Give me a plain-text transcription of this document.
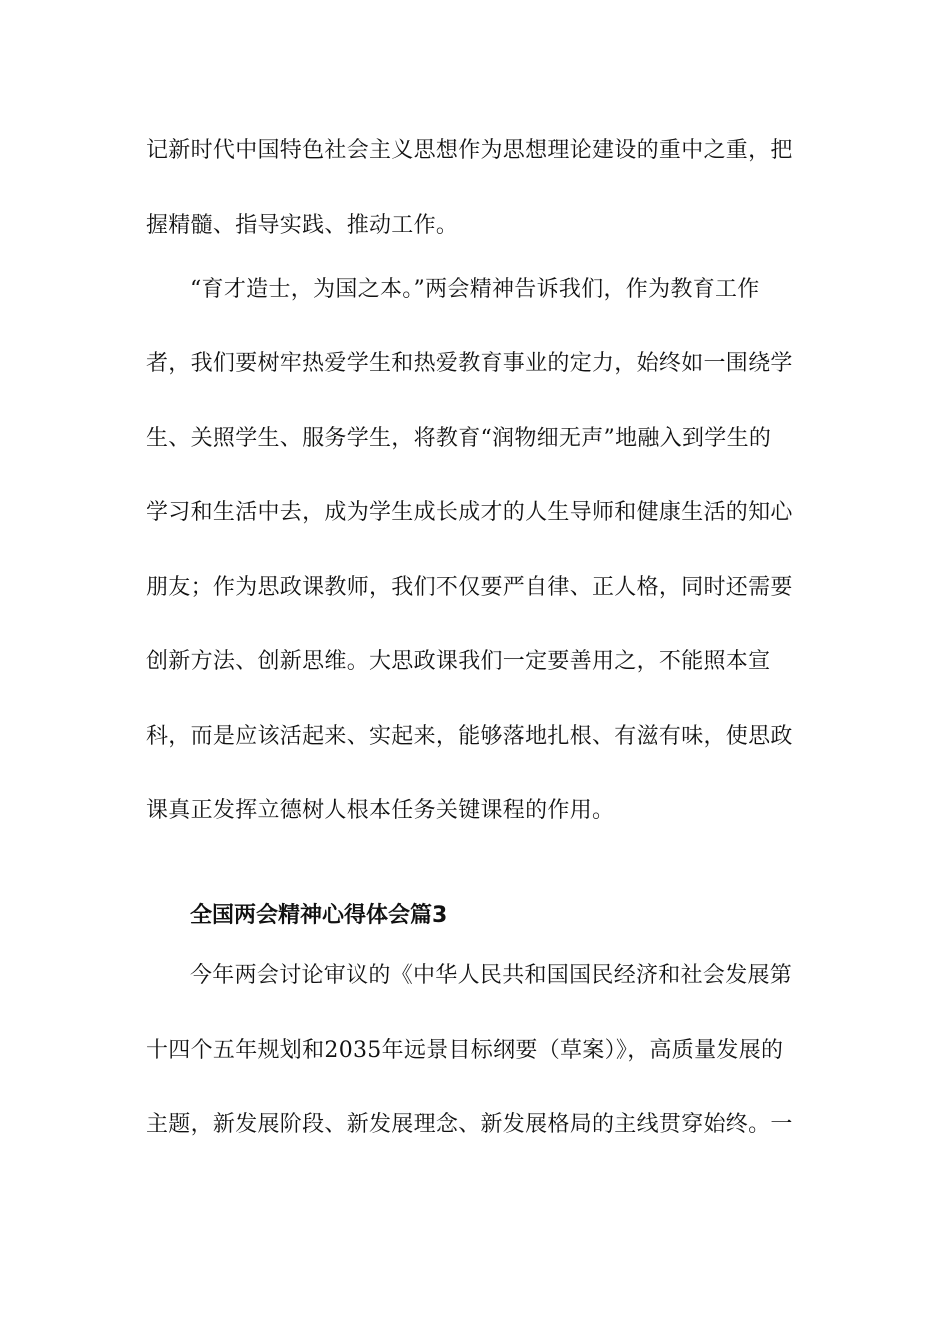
记新时代中国特色社会主义思想作为思想理论建设的重中之重，把

握精髓、指导实践、推动工作。

“育才造士，为国之本。”两会精神告诉我们，作为教育工作

者，我们要树牢热爱学生和热爱教育事业的定力，始终如一围绕学

生、关照学生、服务学生，将教育“润物细无声”地融入到学生的

学习和生活中去，成为学生成长成才的人生导师和健康生活的知心

朋友；作为思政课教师，我们不仅要严自律、正人格，同时还需要

创新方法、创新思维。大思政课我们一定要善用之，不能照本宣

科，而是应该活起来、实起来，能够落地扎根、有滋有味，使思政

课真正发挥立德树人根本任务关键课程的作用。

全国两会精神心得体会篇3

今年两会讨论审议的《中华人民共和国国民经济和社会发展第

十四个五年规划和2035年远景目标纲要（草案）》，高质量发展的

主题，新发展阶段、新发展理念、新发展格局的主线贯穿始终。一
